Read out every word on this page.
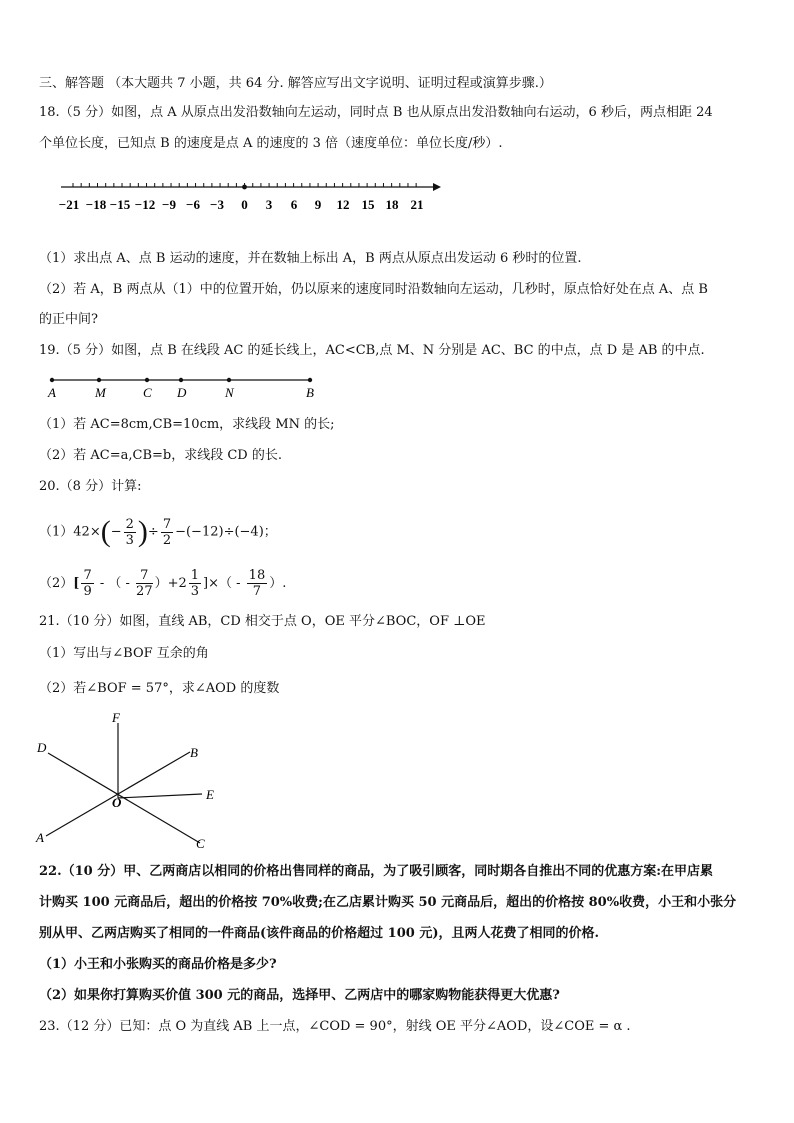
三、解答题 （本大题共 7 小题，共 64 分. 解答应写出文字说明、证明过程或演算步骤.）
18.（5 分）如图，点 A 从原点出发沿数轴向左运动，同时点 B 也从原点出发沿数轴向右运动，6 秒后，两点相距 24
个单位长度，已知点 B 的速度是点 A 的速度的 3 倍（速度单位：单位长度/秒）.
−21 −18 −15 −12 −9 −6 −3 0 3 6 9 12 15 18 21
（1）求出点 A、点 B 运动的速度，并在数轴上标出 A，B 两点从原点出发运动 6 秒时的位置.
（2）若 A，B 两点从（1）中的位置开始，仍以原来的速度同时沿数轴向左运动，几秒时，原点恰好处在点 A、点 B
的正中间?
19.（5 分）如图，点 B 在线段 AC 的延长线上，AC<CB,点 M、N 分别是 AC、BC 的中点，点 D 是 AB 的中点.
A	M	C D	N	B
（1）若 AC=8cm,CB=10cm，求线段 MN 的长;
（2）若 AC=a,CB=b，求线段 CD 的长.
20.（8 分）计算:
$(1)42\times(- \frac{2}{3}$ )÷ $\frac{7}{2} -(-12)\div(-4)$；
$(2)[ \frac{7}{9}$ - （ - $\frac{7}{27} )+2 \frac{1}{3}$ ]×（ - $\frac{18}{7}$ ）.
21.（10 分）如图，直线 AB，CD 相交于点 O，OE 平分∠BOC，OF ⊥OE
（1）写出与∠BOF 互余的角
（2）若∠BOF = 57°，求∠AOD 的度数
F
D	B
E
O
A	C
22.（10 分）甲、乙两商店以相同的价格出售同样的商品，为了吸引顾客，同时期各自推出不同的优惠方案:在甲店累
计购买 100 元商品后，超出的价格按 70%收费;在乙店累计购买 50 元商品后，超出的价格按 80%收费，小王和小张分
别从甲、乙两店购买了相同的一件商品(该件商品的价格超过 100 元)，且两人花费了相同的价格.
（1）小王和小张购买的商品价格是多少?
（2）如果你打算购买价值 300 元的商品，选择甲、乙两店中的哪家购物能获得更大优惠?
23.（12 分）已知：点 O 为直线 AB 上一点，∠COD = 90°，射线 OE 平分∠AOD，设∠COE = α .
